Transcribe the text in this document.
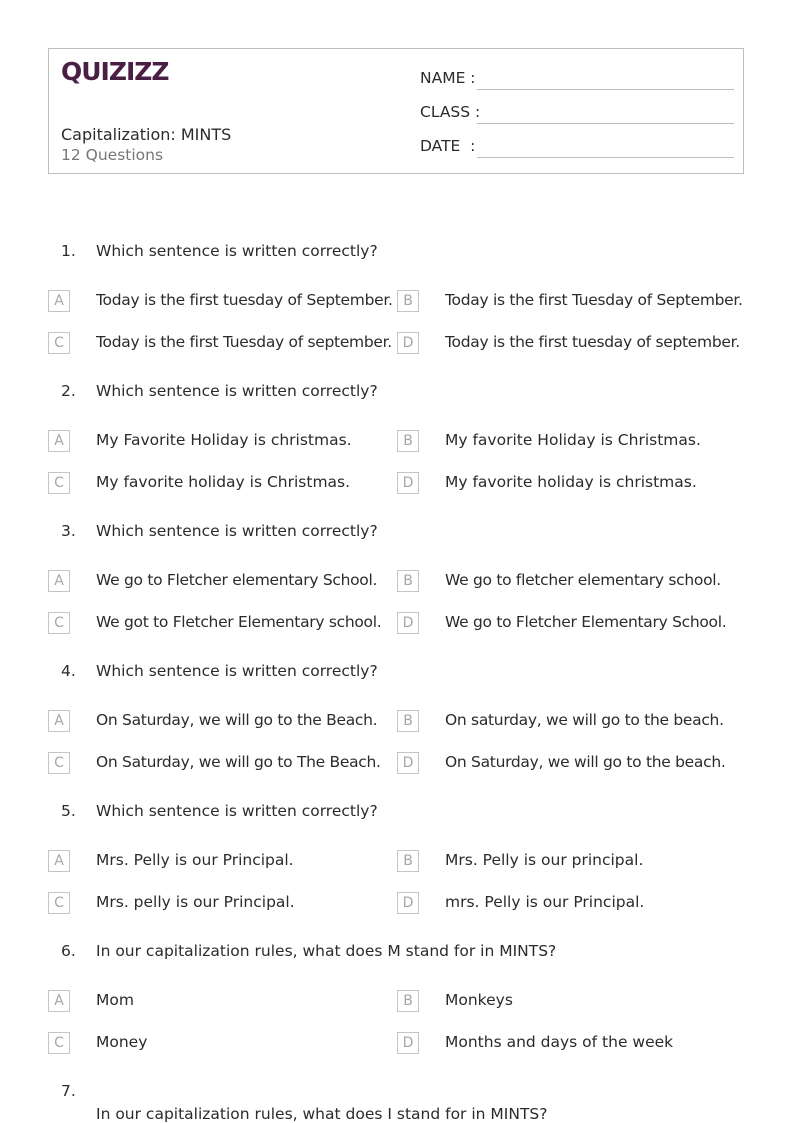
QUIZIZZ
Capitalization: MINTS
12 Questions
NAME :
CLASS :
DATE  :
1. Which sentence is written correctly?
A	Today is the first tuesday of September. B	Today is the first Tuesday of September.
C	Today is the first Tuesday of september. D	Today is the first tuesday of september.
2. Which sentence is written correctly?
A	My Favorite Holiday is christmas.	B	My favorite Holiday is Christmas.
C	My favorite holiday is Christmas.	D	My favorite holiday is christmas.
3. Which sentence is written correctly?
A	We go to Fletcher elementary School.	B	We go to fletcher elementary school.
C	We got to Fletcher Elementary school.	D	We go to Fletcher Elementary School.
4. Which sentence is written correctly?
A	On Saturday, we will go to the Beach.	B	On saturday, we will go to the beach.
C	On Saturday, we will go to The Beach.	D	On Saturday, we will go to the beach.
5. Which sentence is written correctly?
A	Mrs. Pelly is our Principal.	B	Mrs. Pelly is our principal.
C	Mrs. pelly is our Principal.	D	mrs. Pelly is our Principal.
6. In our capitalization rules, what does M stand for in MINTS?
A	Mom	B	Monkeys
C	Money	D	Months and days of the week
7.
In our capitalization rules, what does I stand for in MINTS?
